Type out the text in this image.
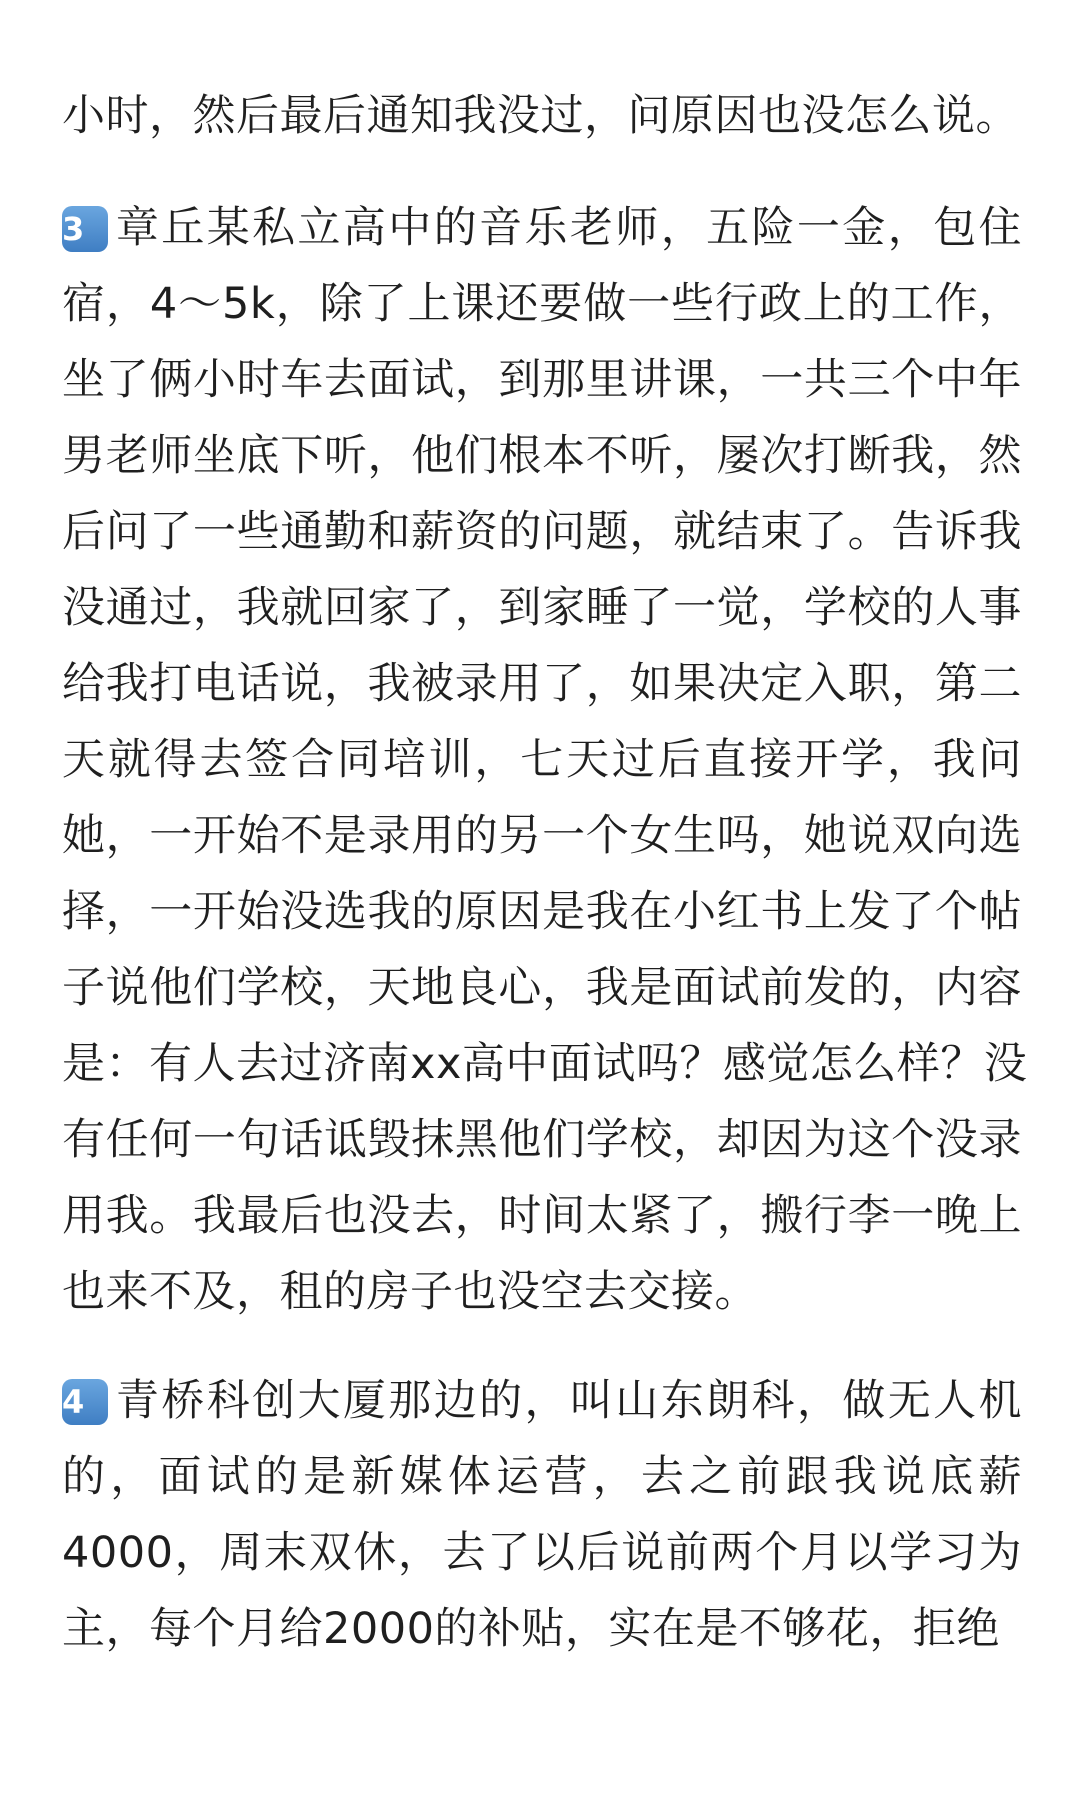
小时，然后最后通知我没过，问原因也没怎么说。
3 章丘某私立高中的音乐老师，五险一金，包住
宿，4～5k，除了上课还要做一些行政上的工作，
坐了俩小时车去面试，到那里讲课，一共三个中年
男老师坐底下听，他们根本不听，屡次打断我，然
后问了一些通勤和薪资的问题，就结束了。告诉我
没通过，我就回家了，到家睡了一觉，学校的人事
给我打电话说，我被录用了，如果决定入职，第二
天就得去签合同培训，七天过后直接开学，我问
她，一开始不是录用的另一个女生吗，她说双向选
择，一开始没选我的原因是我在小红书上发了个帖
子说他们学校，天地良心，我是面试前发的，内容
是：有人去过济南xx高中面试吗？感觉怎么样？没
有任何一句话诋毁抹黑他们学校，却因为这个没录
用我。我最后也没去，时间太紧了，搬行李一晚上
也来不及，租的房子也没空去交接。
4 青桥科创大厦那边的，叫山东朗科，做无人机
的，面试的是新媒体运营，去之前跟我说底薪
4000，周末双休，去了以后说前两个月以学习为
主，每个月给2000的补贴，实在是不够花，拒绝
